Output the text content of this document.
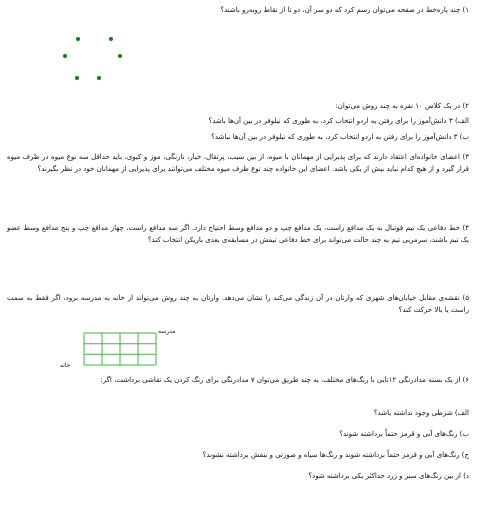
۱) چند پاره‌خط در صفحه می‌توان رسم کرد که دو سر آن، دو تا از نقاط روبه‌رو باشند؟
۲) در یک کلاس ۱۰ نفره به چند روش می‌توان:
الف) ۳ دانش‌آموز را برای رفتن به اردو انتخاب کرد، به طوری که نیلوفر در بین آن‌ها باشد؟
ب) ۳ دانش‌آموز را برای رفتن به اردو انتخاب کرد، به طوری که نیلوفر در بین آن‌ها نباشد؟
۳) اعضای خانواده‌ای اعتقاد دارند که برای پذیرایی از مهمانان با میوه، از بین سیب، پرتقال، خیار، نارنگی، موز و کیوی، باید حداقل سه نوع میوه در ظرف میوه قرار گیرد و از هیچ کدام نباید بیش از یکی باشد. اعضای این خانواده چند نوع ظرف میوه مختلف می‌توانند برای پذیرایی از مهمانان خود در نظر بگیرند؟
۴) خط دفاعی یک تیم فوتبال به یک مدافع راست، یک مدافع چپ و دو مدافع وسط احتیاج دارد. اگر سه مدافع راست، چهار مدافع چپ و پنج مدافع وسط عضو یک تیم باشند، سرمربی تیم به چند حالت می‌تواند برای خط دفاعی تیمش در مسابقه‌ی بعدی بازیکن انتخاب کند؟
۵) نقشه‌ی مقابل خیابان‌های شهری که وارتان در آن زندگی می‌کند را نشان می‌دهد. وارتان به چند روش می‌تواند از خانه به مدرسه برود، اگر فقط به سمت راست یا بالا حرکت کند؟
مدرسه
خانه
۶) از یک بسته مدادرنگی ۱۲تایی با رنگ‌های مختلف، به چند طریق می‌توان ۷ مدادرنگی برای رنگ کردن یک نقاشی برداشت، اگر:
الف) شرطی وجود نداشته باشد؟
ب) رنگ‌های آبی و قرمز حتماً برداشته شوند؟
ج) رنگ‌های آبی و قرمز حتماً برداشته شوند و رنگ‌ها سیاه و صورتی و بنفش برداشته نشوند؟
د) از بین رنگ‌های سبز و زرد حداکثر یکی برداشته شود؟
